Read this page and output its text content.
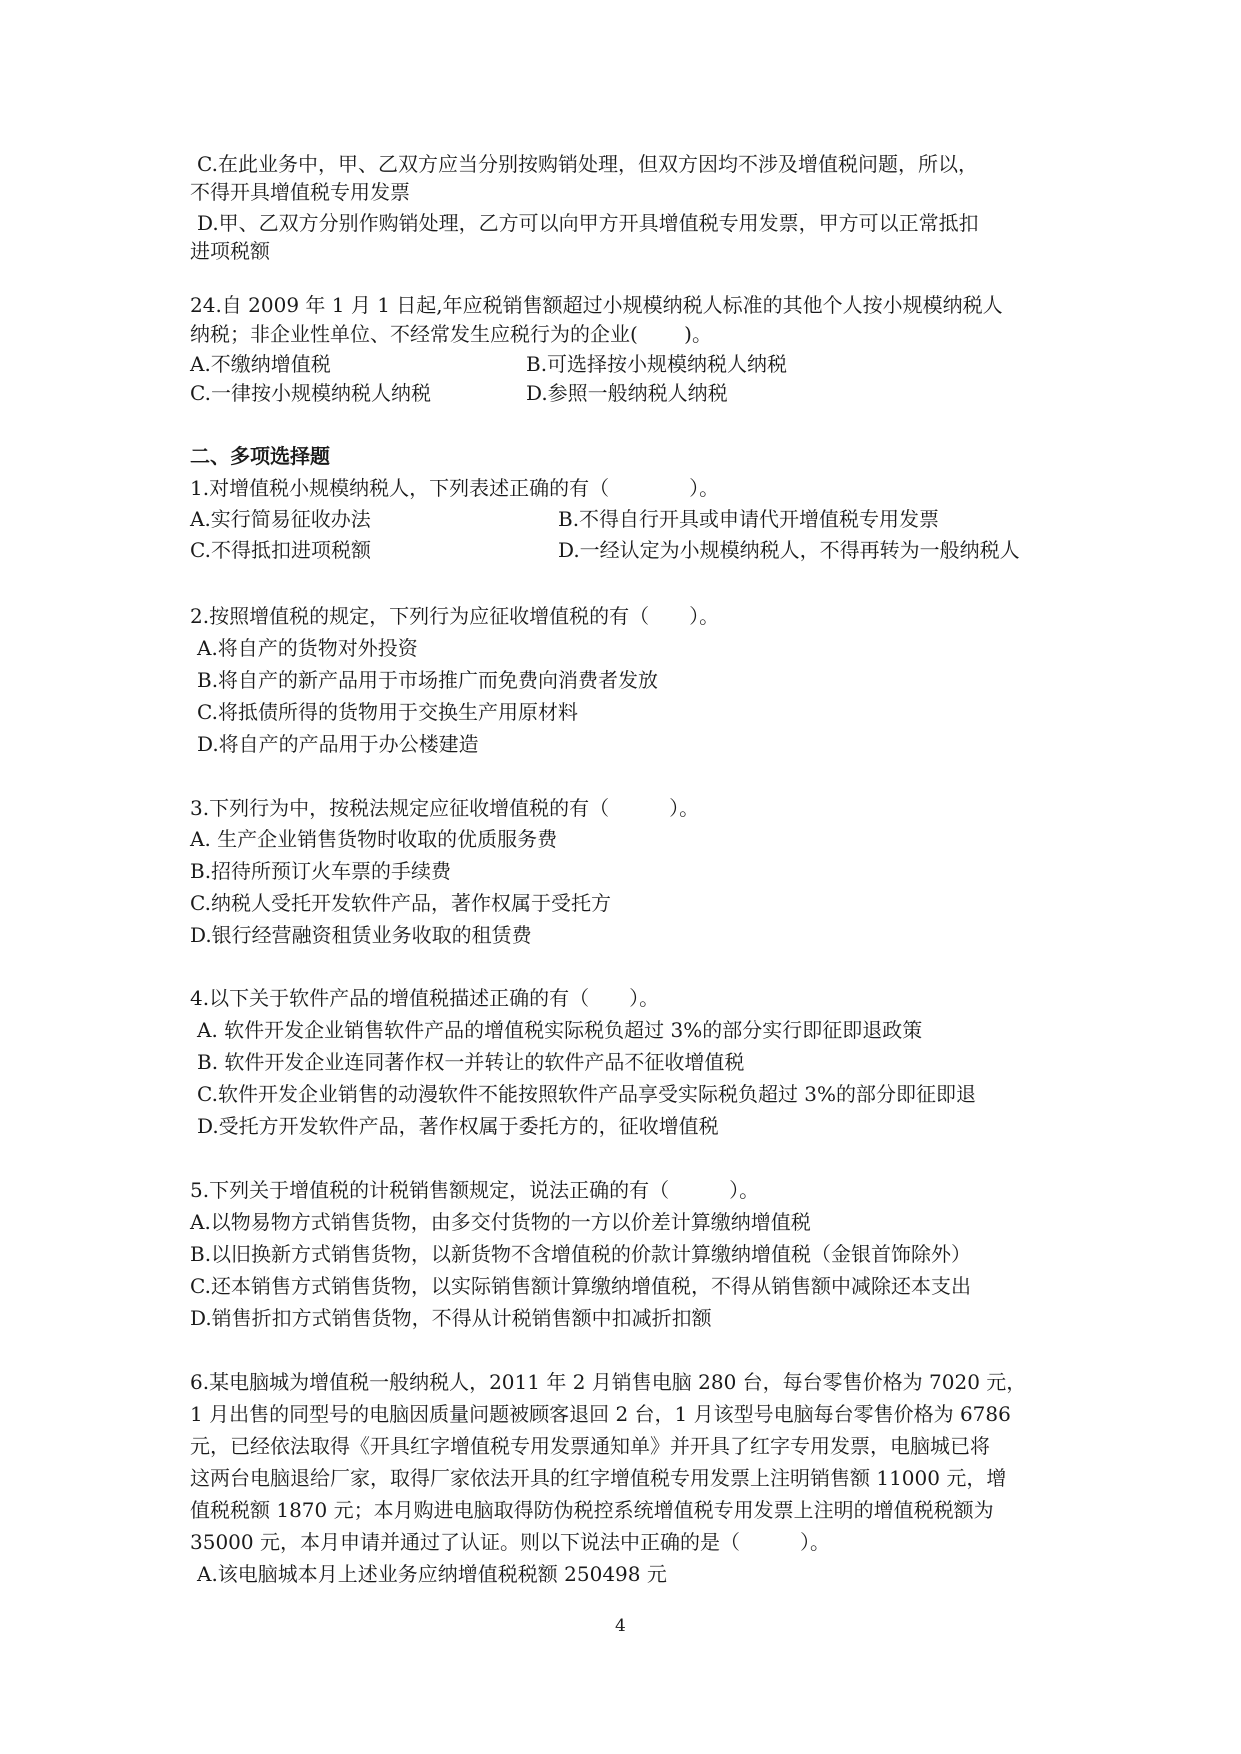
C.在此业务中，甲、乙双方应当分别按购销处理，但双方因均不涉及增值税问题，所以，
不得开具增值税专用发票
D.甲、乙双方分别作购销处理，乙方可以向甲方开具增值税专用发票，甲方可以正常抵扣
进项税额
24.自 2009 年 1 月 1 日起,年应税销售额超过小规模纳税人标准的其他个人按小规模纳税人
纳税；非企业性单位、不经常发生应税行为的企业(　　 )。
A.不缴纳增值税	B.可选择按小规模纳税人纳税
C.一律按小规模纳税人纳税	D.参照一般纳税人纳税
二、多项选择题
1.对增值税小规模纳税人，下列表述正确的有（　　　　）。
A.实行简易征收办法	B.不得自行开具或申请代开增值税专用发票
C.不得抵扣进项税额	D.一经认定为小规模纳税人，不得再转为一般纳税人
2.按照增值税的规定，下列行为应征收增值税的有（　　）。
A.将自产的货物对外投资
B.将自产的新产品用于市场推广而免费向消费者发放
C.将抵债所得的货物用于交换生产用原材料
D.将自产的产品用于办公楼建造
3.下列行为中，按税法规定应征收增值税的有（　　　）。
A. 生产企业销售货物时收取的优质服务费
B.招待所预订火车票的手续费
C.纳税人受托开发软件产品，著作权属于受托方
D.银行经营融资租赁业务收取的租赁费
4.以下关于软件产品的增值税描述正确的有（　　）。
A. 软件开发企业销售软件产品的增值税实际税负超过 3%的部分实行即征即退政策
B. 软件开发企业连同著作权一并转让的软件产品不征收增值税
C.软件开发企业销售的动漫软件不能按照软件产品享受实际税负超过 3%的部分即征即退
D.受托方开发软件产品，著作权属于委托方的，征收增值税
5.下列关于增值税的计税销售额规定，说法正确的有（　　　）。
A.以物易物方式销售货物，由多交付货物的一方以价差计算缴纳增值税
B.以旧换新方式销售货物，以新货物不含增值税的价款计算缴纳增值税（金银首饰除外）
C.还本销售方式销售货物，以实际销售额计算缴纳增值税，不得从销售额中减除还本支出
D.销售折扣方式销售货物，不得从计税销售额中扣减折扣额
6.某电脑城为增值税一般纳税人，2011 年 2 月销售电脑 280 台，每台零售价格为 7020 元，
1 月出售的同型号的电脑因质量问题被顾客退回 2 台，1 月该型号电脑每台零售价格为 6786
元，已经依法取得《开具红字增值税专用发票通知单》并开具了红字专用发票，电脑城已将
这两台电脑退给厂家，取得厂家依法开具的红字增值税专用发票上注明销售额 11000 元，增
值税税额 1870 元；本月购进电脑取得防伪税控系统增值税专用发票上注明的增值税税额为
35000 元，本月申请并通过了认证。则以下说法中正确的是（　　　）。
A.该电脑城本月上述业务应纳增值税税额 250498 元
4
